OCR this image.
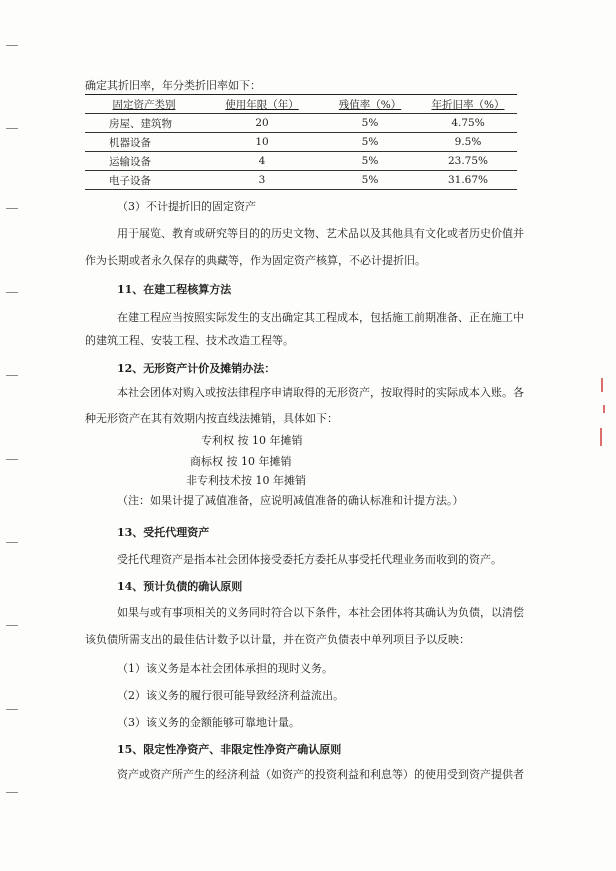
确定其折旧率，年分类折旧率如下：
固定资产类别	使用年限（年）	残值率（%）	年折旧率（%）
房屋、建筑物	20	5%	4.75%
机器设备	10	5%	9.5%
运输设备	4	5%	23.75%
电子设备	3	5%	31.67%
（3）不计提折旧的固定资产
用于展览、教育或研究等目的的历史文物、艺术品以及其他具有文化或者历史价值并
作为长期或者永久保存的典藏等，作为固定资产核算，不必计提折旧。
11、在建工程核算方法
在建工程应当按照实际发生的支出确定其工程成本，包括施工前期准备、正在施工中
的建筑工程、安装工程、技术改造工程等。
12、无形资产计价及摊销办法：
本社会团体对购入或按法律程序申请取得的无形资产，按取得时的实际成本入账。各
种无形资产在其有效期内按直线法摊销，具体如下：
专利权 按 10 年摊销
商标权 按 10 年摊销
非专利技术按 10 年摊销
（注：如果计提了减值准备，应说明减值准备的确认标准和计提方法。）
13、受托代理资产
受托代理资产是指本社会团体接受委托方委托从事受托代理业务而收到的资产。
14、预计负债的确认原则
如果与或有事项相关的义务同时符合以下条件，本社会团体将其确认为负债，以清偿
该负债所需支出的最佳估计数予以计量，并在资产负债表中单列项目予以反映：
（1）该义务是本社会团体承担的现时义务。
（2）该义务的履行很可能导致经济利益流出。
（3）该义务的金额能够可靠地计量。
15、限定性净资产、非限定性净资产确认原则
资产或资产所产生的经济利益（如资产的投资利益和利息等）的使用受到资产提供者
